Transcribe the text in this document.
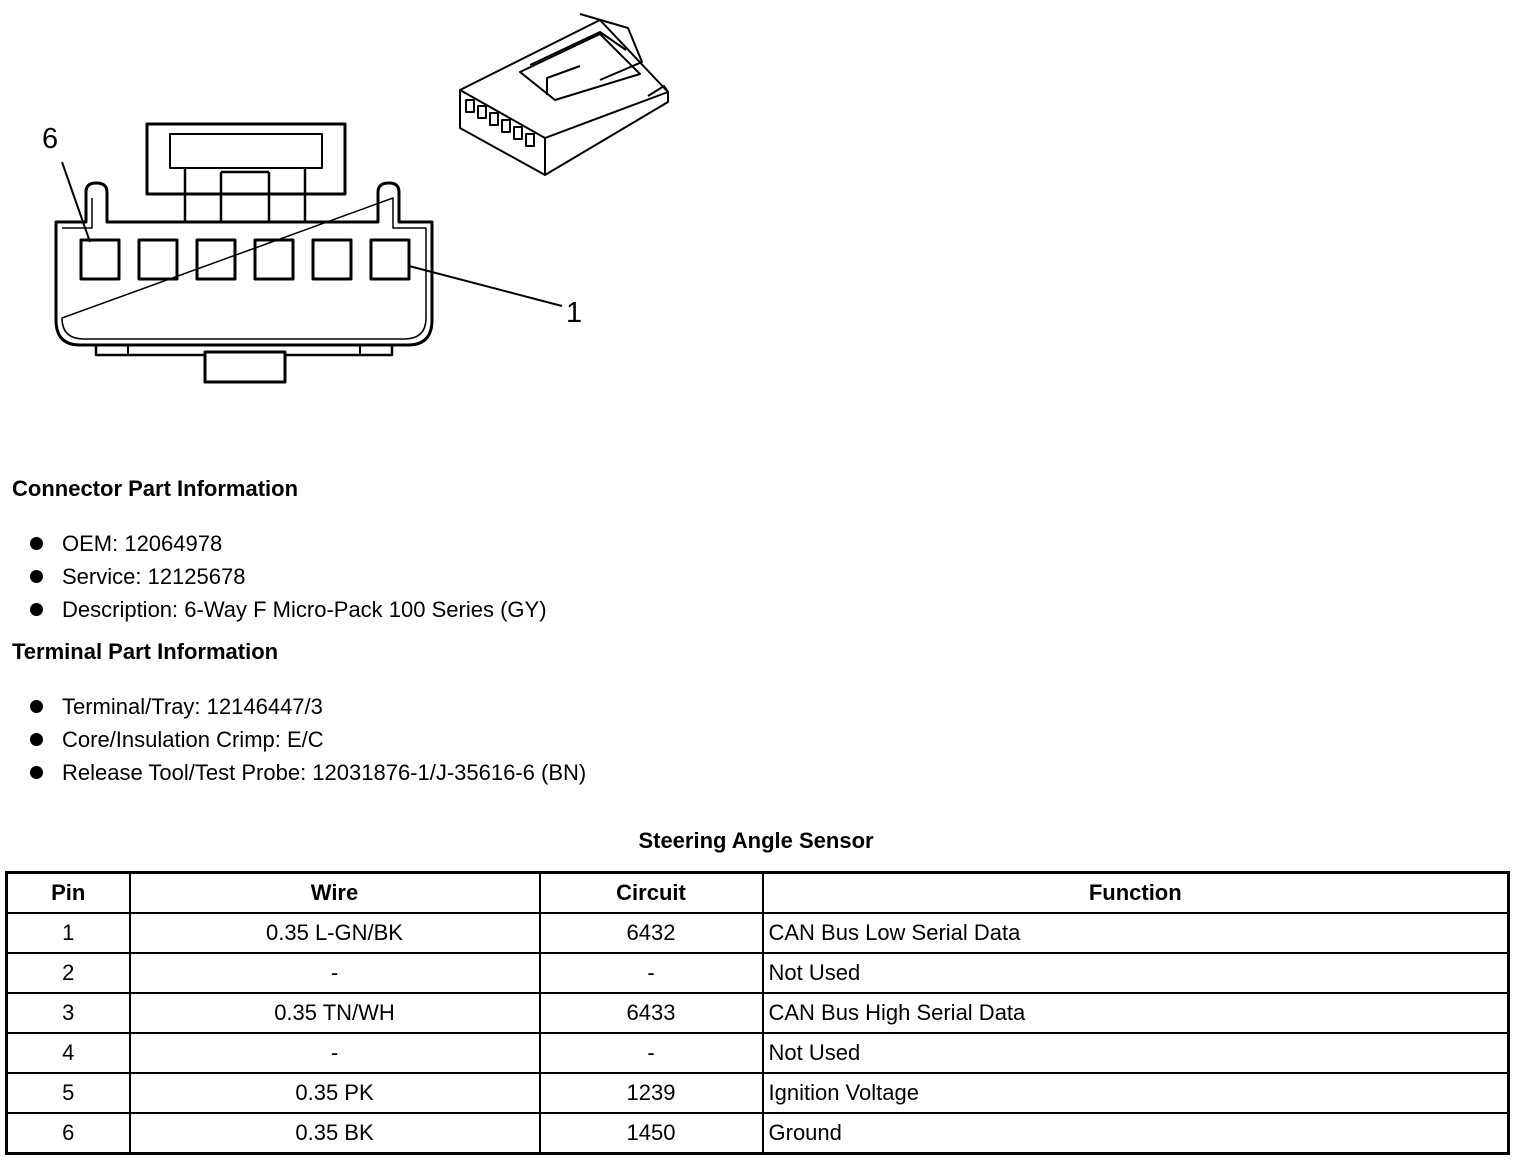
6
1
Connector Part Information
OEM: 12064978
Service: 12125678
Description: 6-Way F Micro-Pack 100 Series (GY)
Terminal Part Information
Terminal/Tray: 12146447/3
Core/Insulation Crimp: E/C
Release Tool/Test Probe: 12031876-1/J-35616-6 (BN)
Steering Angle Sensor
Pin	Wire	Circuit	Function
1	0.35 L-GN/BK	6432	CAN Bus Low Serial Data
2	-	-	Not Used
3	0.35 TN/WH	6433	CAN Bus High Serial Data
4	-	-	Not Used
5	0.35 PK	1239	Ignition Voltage
6	0.35 BK	1450	Ground
